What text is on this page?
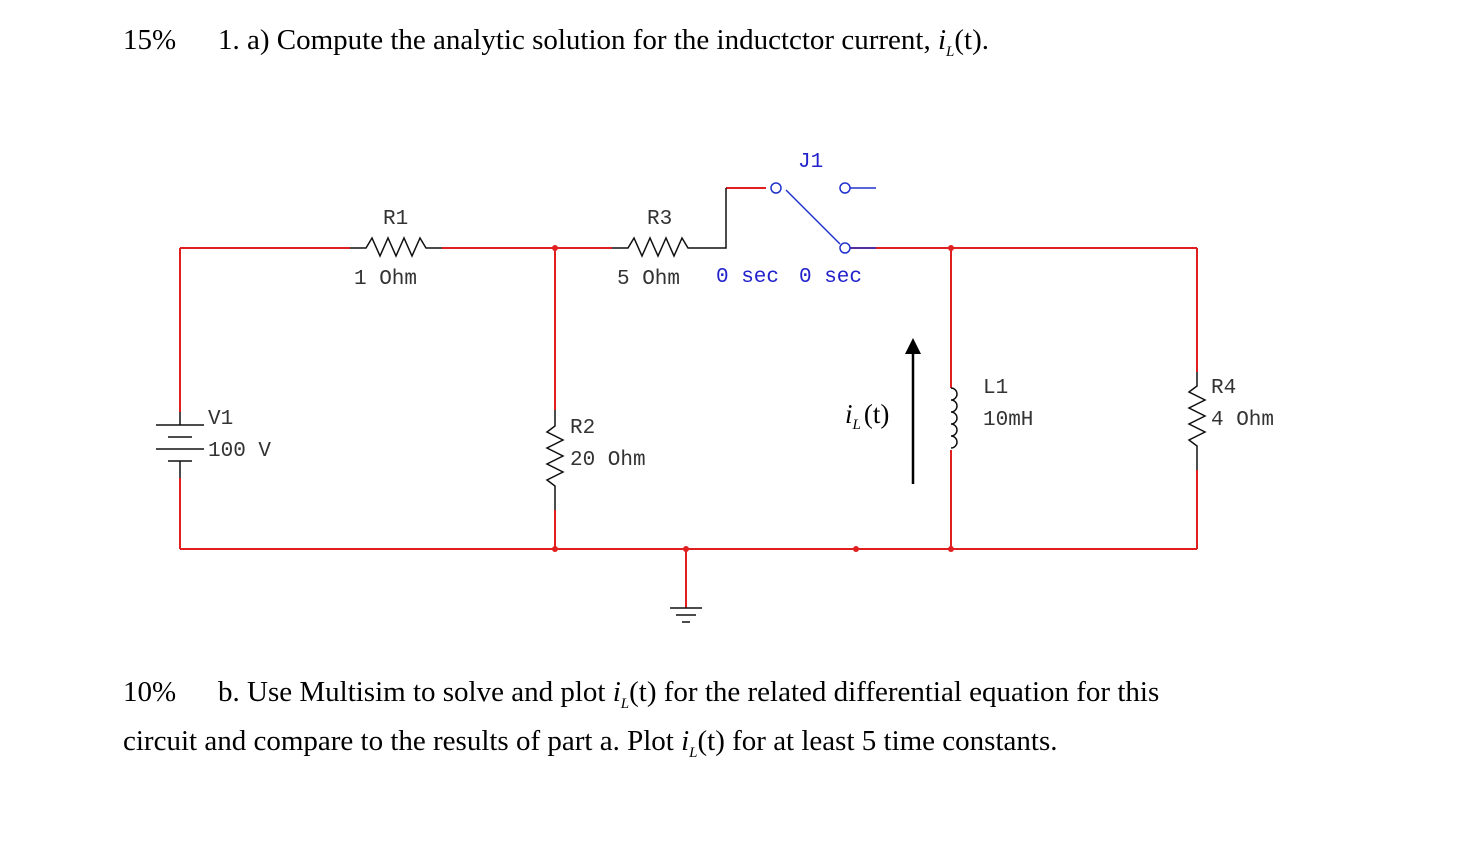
15% 1. a) Compute the analytic solution for the inductctor current, $i_L(t)$.
R1
1 Ohm
R3
5 Ohm
J1
0 sec 0 sec
V1
100 V
R2
20 Ohm
L1
10mH
R4
4 Ohm
$i_L$ (t)
10% b. Use Multisim to solve and plot $i_L(t)$ for the related differential equation for this
circuit and compare to the results of part a. Plot $i_L(t)$ for at least 5 time constants.
